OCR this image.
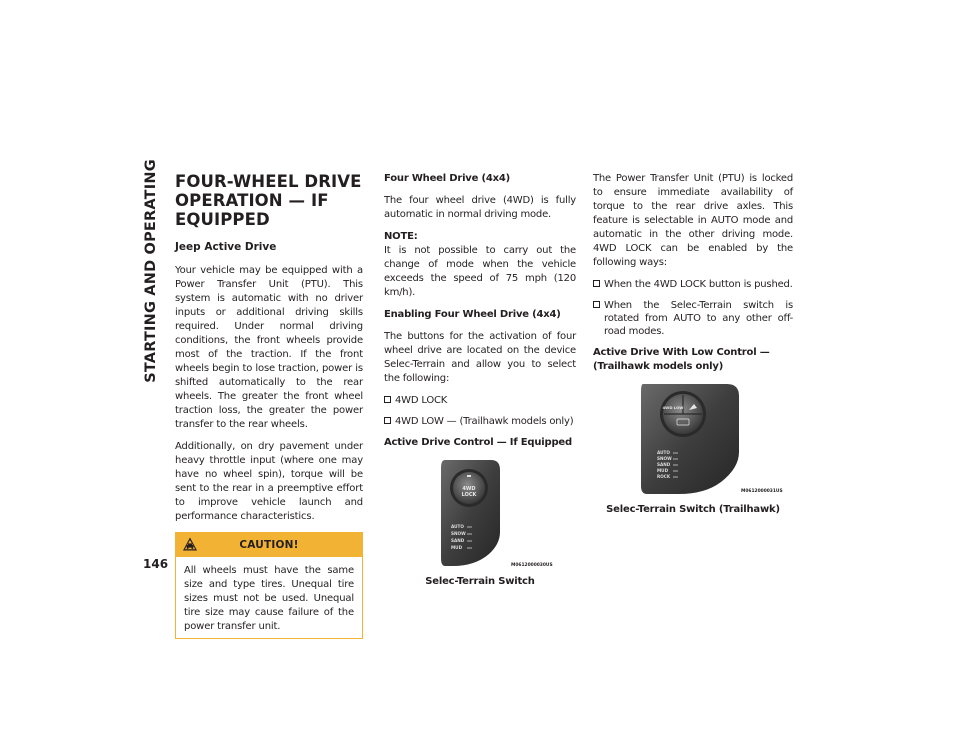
STARTING AND OPERATING
146
FOUR-WHEEL DRIVE
OPERATION — IF EQUIPPED
Jeep Active Drive

Your vehicle may be equipped with a Power Transfer Unit (PTU). This system is automatic with no driver inputs or additional driving skills required. Under normal driving conditions, the front wheels provide most of the traction. If the front wheels begin to lose traction, power is shifted automatically to the rear wheels. The greater the front wheel traction loss, the greater the power transfer to the rear wheels.

Additionally, on dry pavement under heavy throttle input (where one may have no wheel spin), torque will be sent to the rear in a preemptive effort to improve vehicle launch and performance characteristics.

CAUTION!

All wheels must have the same size and type tires. Unequal tire sizes must not be used. Unequal tire size may cause failure of the power transfer unit.

Four Wheel Drive (4x4)

The four wheel drive (4WD) is fully automatic in normal driving mode.

NOTE:

It is not possible to carry out the change of mode when the vehicle exceeds the speed of 75 mph (120 km/h).

Enabling Four Wheel Drive (4x4)

The buttons for the activation of four wheel drive are located on the device Selec-Terrain and allow you to select the following:

4WD LOCK
4WD LOW — (Trailhawk models only)
Active Drive Control — If Equipped
4WD
LOCK
AUTO
SNOW
SAND
MUD
M0612000030US
Selec-Terrain Switch

The Power Transfer Unit (PTU) is locked to ensure immediate availability of torque to the rear drive axles. This feature is selectable in AUTO mode and automatic in the other driving mode. 4WD LOCK can be enabled by the following ways:

When the 4WD LOCK button is pushed.
When the Selec-Terrain switch is rotated from AUTO to any other off-road modes.
Active Drive With Low Control — (Trailhawk models only)
4WD LOW
AUTO
SNOW
SAND
MUD
ROCK
M0612000031US
Selec-Terrain Switch (Trailhawk)
